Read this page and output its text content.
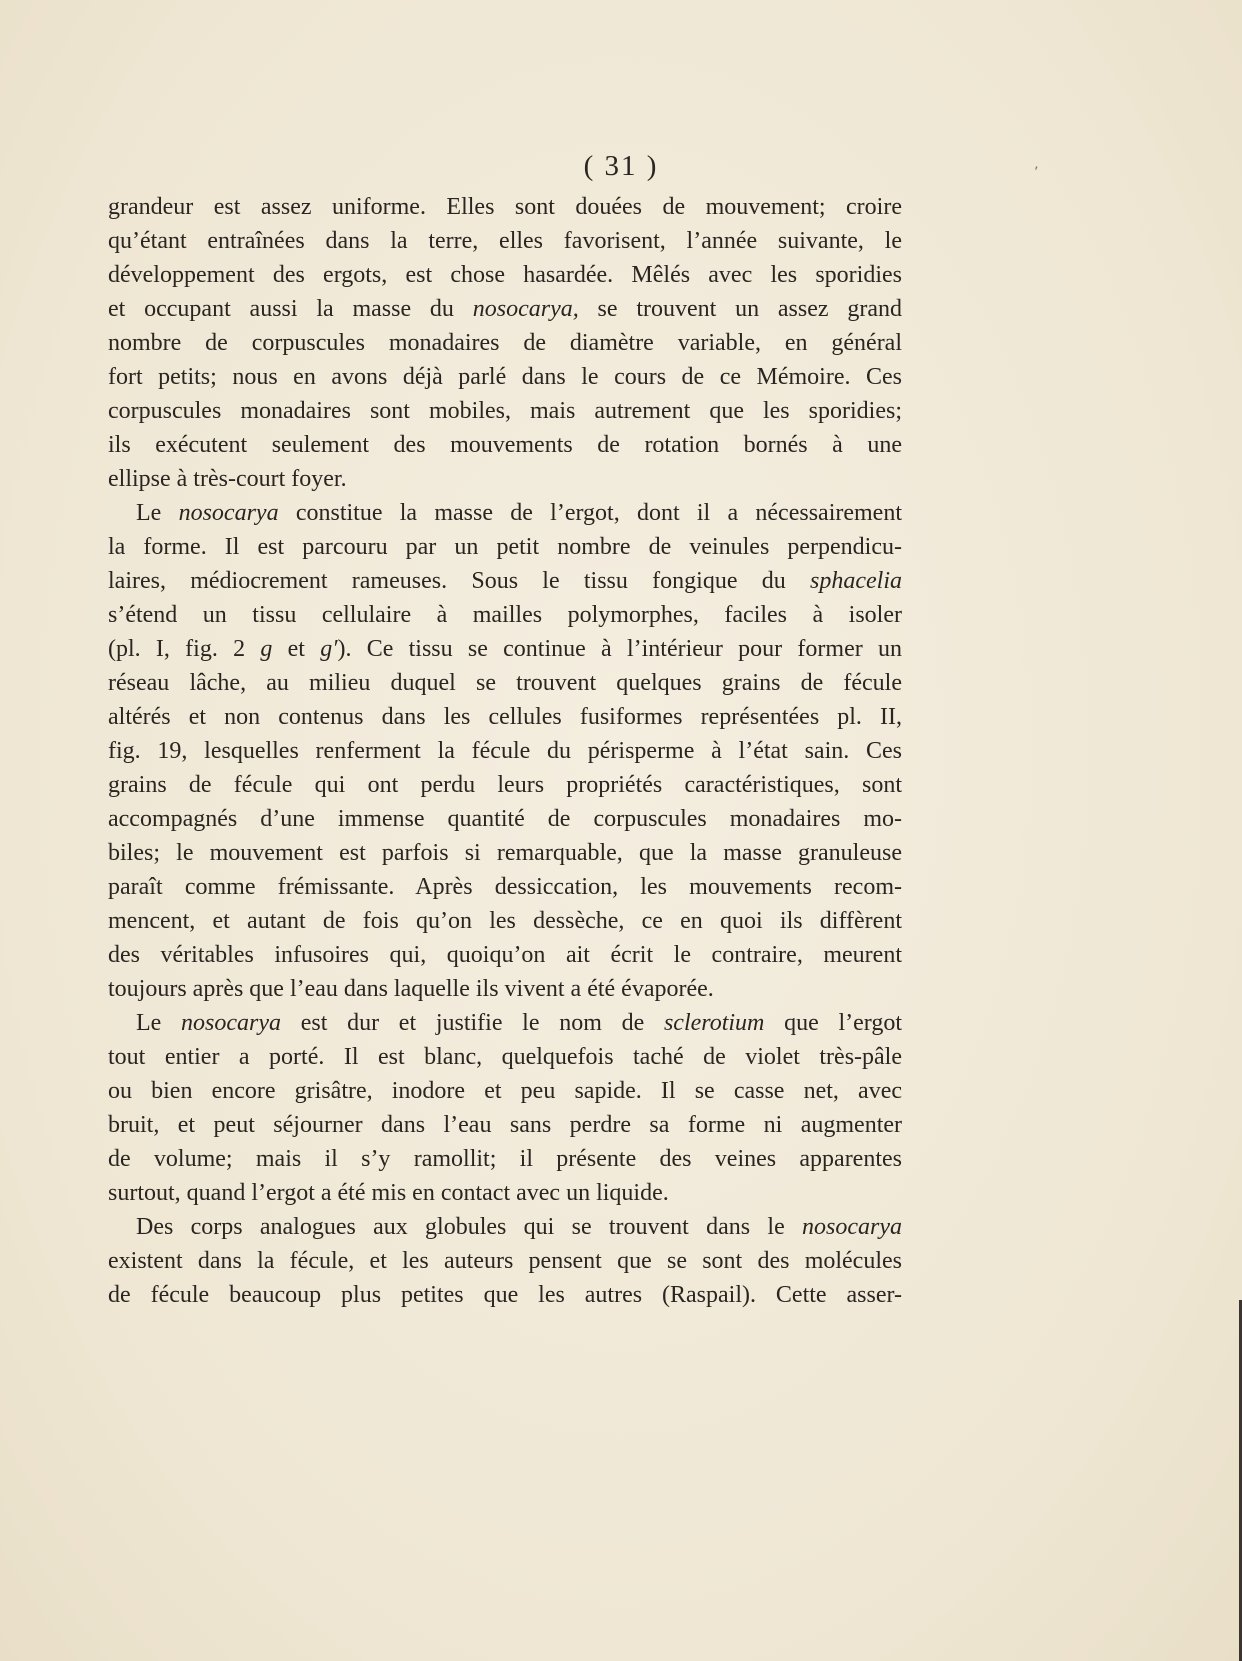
( 31 )	’
grandeur est assez uniforme. Elles sont douées de mouvement; croire
qu’étant entraînées dans la terre, elles favorisent, l’année suivante, le
développement des ergots, est chose hasardée. Mêlés avec les sporidies
et occupant aussi la masse du nosocarya, se trouvent un assez grand
nombre de corpuscules monadaires de diamètre variable, en général
fort petits; nous en avons déjà parlé dans le cours de ce Mémoire. Ces
corpuscules monadaires sont mobiles, mais autrement que les sporidies;
ils exécutent seulement des mouvements de rotation bornés à une
ellipse à très-court foyer.
Le nosocarya constitue la masse de l’ergot, dont il a nécessairement
la forme. Il est parcouru par un petit nombre de veinules perpendicu-
laires, médiocrement rameuses. Sous le tissu fongique du sphacelia
s’étend un tissu cellulaire à mailles polymorphes, faciles à isoler
(pl. I, fig. 2 g et g′). Ce tissu se continue à l’intérieur pour former un
réseau lâche, au milieu duquel se trouvent quelques grains de fécule
altérés et non contenus dans les cellules fusiformes représentées pl. II,
fig. 19, lesquelles renferment la fécule du périsperme à l’état sain. Ces
grains de fécule qui ont perdu leurs propriétés caractéristiques, sont
accompagnés d’une immense quantité de corpuscules monadaires mo-
biles; le mouvement est parfois si remarquable, que la masse granuleuse
paraît comme frémissante. Après dessiccation, les mouvements recom-
mencent, et autant de fois qu’on les dessèche, ce en quoi ils diffèrent
des véritables infusoires qui, quoiqu’on ait écrit le contraire, meurent
toujours après que l’eau dans laquelle ils vivent a été évaporée.
Le nosocarya est dur et justifie le nom de sclerotium que l’ergot
tout entier a porté. Il est blanc, quelquefois taché de violet très-pâle
ou bien encore grisâtre, inodore et peu sapide. Il se casse net, avec
bruit, et peut séjourner dans l’eau sans perdre sa forme ni augmenter
de volume; mais il s’y ramollit; il présente des veines apparentes
surtout, quand l’ergot a été mis en contact avec un liquide.
Des corps analogues aux globules qui se trouvent dans le nosocarya
existent dans la fécule, et les auteurs pensent que se sont des molécules
de fécule beaucoup plus petites que les autres (Raspail). Cette asser-
